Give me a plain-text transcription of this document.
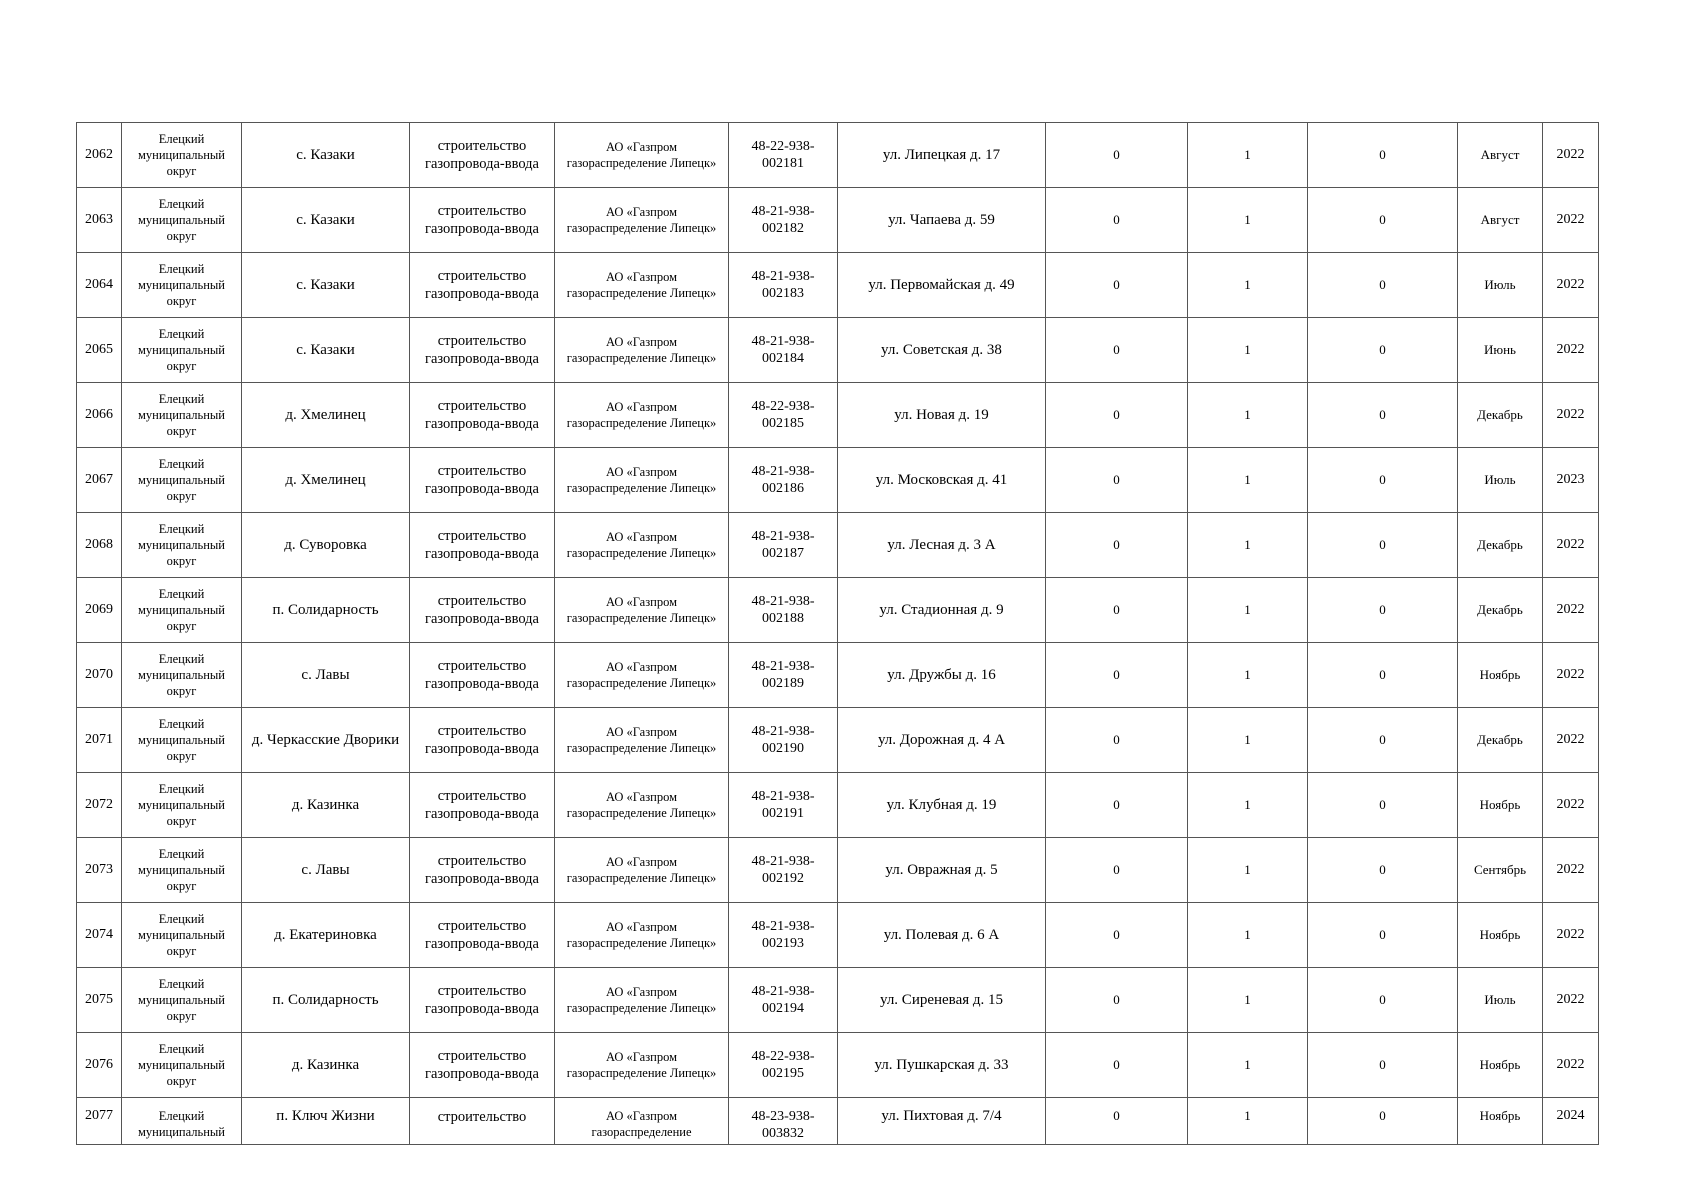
2062	Елецкий муниципальный округ	с. Казаки	строительство газопровода-ввода	АО «Газпром газораспределение Липецк»	48-22-938-002181	ул. Липецкая д. 17	0	1	0	Август	2022
2063	Елецкий муниципальный округ	с. Казаки	строительство газопровода-ввода	АО «Газпром газораспределение Липецк»	48-21-938-002182	ул. Чапаева д. 59	0	1	0	Август	2022
2064	Елецкий муниципальный округ	с. Казаки	строительство газопровода-ввода	АО «Газпром газораспределение Липецк»	48-21-938-002183	ул. Первомайская д. 49	0	1	0	Июль	2022
2065	Елецкий муниципальный округ	с. Казаки	строительство газопровода-ввода	АО «Газпром газораспределение Липецк»	48-21-938-002184	ул. Советская д. 38	0	1	0	Июнь	2022
2066	Елецкий муниципальный округ	д. Хмелинец	строительство газопровода-ввода	АО «Газпром газораспределение Липецк»	48-22-938-002185	ул. Новая д. 19	0	1	0	Декабрь	2022
2067	Елецкий муниципальный округ	д. Хмелинец	строительство газопровода-ввода	АО «Газпром газораспределение Липецк»	48-21-938-002186	ул. Московская д. 41	0	1	0	Июль	2023
2068	Елецкий муниципальный округ	д. Суворовка	строительство газопровода-ввода	АО «Газпром газораспределение Липецк»	48-21-938-002187	ул. Лесная д. 3 А	0	1	0	Декабрь	2022
2069	Елецкий муниципальный округ	п. Солидарность	строительство газопровода-ввода	АО «Газпром газораспределение Липецк»	48-21-938-002188	ул. Стадионная д. 9	0	1	0	Декабрь	2022
2070	Елецкий муниципальный округ	с. Лавы	строительство газопровода-ввода	АО «Газпром газораспределение Липецк»	48-21-938-002189	ул. Дружбы д. 16	0	1	0	Ноябрь	2022
2071	Елецкий муниципальный округ	д. Черкасские Дворики	строительство газопровода-ввода	АО «Газпром газораспределение Липецк»	48-21-938-002190	ул. Дорожная д. 4 А	0	1	0	Декабрь	2022
2072	Елецкий муниципальный округ	д. Казинка	строительство газопровода-ввода	АО «Газпром газораспределение Липецк»	48-21-938-002191	ул. Клубная д. 19	0	1	0	Ноябрь	2022
2073	Елецкий муниципальный округ	с. Лавы	строительство газопровода-ввода	АО «Газпром газораспределение Липецк»	48-21-938-002192	ул. Овражная д. 5	0	1	0	Сентябрь	2022
2074	Елецкий муниципальный округ	д. Екатериновка	строительство газопровода-ввода	АО «Газпром газораспределение Липецк»	48-21-938-002193	ул. Полевая д. 6 А	0	1	0	Ноябрь	2022
2075	Елецкий муниципальный округ	п. Солидарность	строительство газопровода-ввода	АО «Газпром газораспределение Липецк»	48-21-938-002194	ул. Сиреневая д. 15	0	1	0	Июль	2022
2076	Елецкий муниципальный округ	д. Казинка	строительство газопровода-ввода	АО «Газпром газораспределение Липецк»	48-22-938-002195	ул. Пушкарская д. 33	0	1	0	Ноябрь	2022
2077	Елецкий муниципальный	п. Ключ Жизни	строительство	АО «Газпром газораспределение	48-23-938-003832	ул. Пихтовая д. 7/4	0	1	0	Ноябрь	2024
